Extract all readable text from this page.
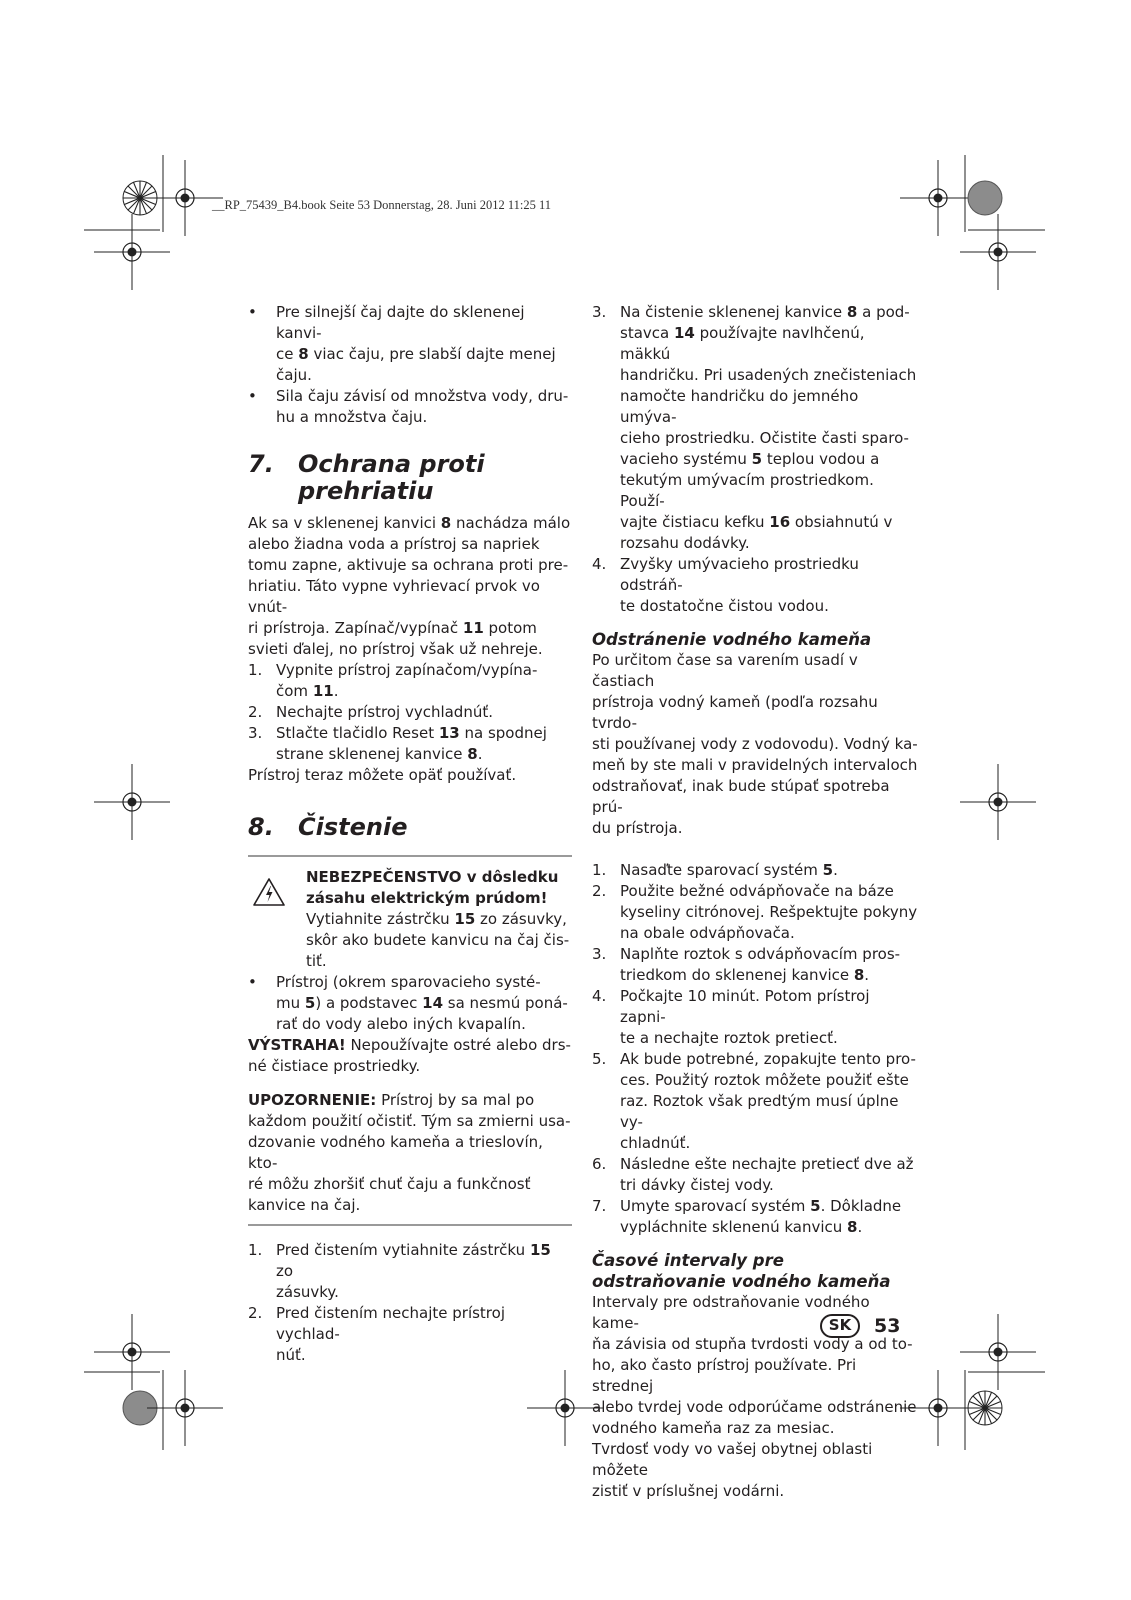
__RP_75439_B4.book Seite 53 Donnerstag, 28. Juni 2012 11:25 11
• Pre silnejší čaj dajte do sklenenej kanvi-
ce 8 viac čaju, pre slabší dajte menej
čaju.
• Sila čaju závisí od množstva vody, dru-
hu a množstva čaju.
7. Ochrana proti
prehriatiu
Ak sa v sklenenej kanvici 8 nachádza málo
alebo žiadna voda a prístroj sa napriek
tomu zapne, aktivuje sa ochrana proti pre-
hriatiu. Táto vypne vyhrievací prvok vo vnút-
ri prístroja. Zapínač/vypínač 11 potom
svieti ďalej, no prístroj však už nehreje.
1. Vypnite prístroj zapínačom/vypína-
čom 11.
2. Nechajte prístroj vychladnúť.
3. Stlačte tlačidlo Reset 13 na spodnej
strane sklenenej kanvice 8.

Prístroj teraz môžete opäť používať.

8. Čistenie
NEBEZPEČENSTVO v dôsledku
zásahu elektrickým prúdom!
Vytiahnite zástrčku 15 zo zásuvky,
skôr ako budete kanvicu na čaj čis-
tiť.
• Prístroj (okrem sparovacieho systé-
mu 5) a podstavec 14 sa nesmú poná-
rať do vody alebo iných kvapalín.
VÝSTRAHA! Nepoužívajte ostré alebo drs-
né čistiace prostriedky.
UPOZORNENIE: Prístroj by sa mal po
každom použití očistiť. Tým sa zmierni usa-
dzovanie vodného kameňa a trieslovín, kto-
ré môžu zhoršiť chuť čaju a funkčnosť
kanvice na čaj.
1. Pred čistením vytiahnite zástrčku 15 zo
zásuvky.
2. Pred čistením nechajte prístroj vychlad-
núť.
3. Na čistenie sklenenej kanvice 8 a pod-
stavca 14 používajte navlhčenú, mäkkú
handričku. Pri usadených znečisteniach
namočte handričku do jemného umýva-
cieho prostriedku. Očistite časti sparo-
vacieho systému 5 teplou vodou a
tekutým umývacím prostriedkom. Použí-
vajte čistiacu kefku 16 obsiahnutú v
rozsahu dodávky.
4. Zvyšky umývacieho prostriedku odstráň-
te dostatočne čistou vodou.
Odstránenie vodného kameňa
Po určitom čase sa varením usadí v častiach
prístroja vodný kameň (podľa rozsahu tvrdo-
sti používanej vody z vodovodu). Vodný ka-
meň by ste mali v pravidelných intervaloch
odstraňovať, inak bude stúpať spotreba prú-
du prístroja.
1. Nasaďte sparovací systém 5.
2. Použite bežné odvápňovače na báze
kyseliny citrónovej. Rešpektujte pokyny
na obale odvápňovača.
3. Naplňte roztok s odvápňovacím pros-
triedkom do sklenenej kanvice 8.
4. Počkajte 10 minút. Potom prístroj zapni-
te a nechajte roztok pretiecť.
5. Ak bude potrebné, zopakujte tento pro-
ces. Použitý roztok môžete použiť ešte
raz. Roztok však predtým musí úplne vy-
chladnúť.
6. Následne ešte nechajte pretiecť dve až
tri dávky čistej vody.
7. Umyte sparovací systém 5. Dôkladne
vypláchnite sklenenú kanvicu 8.
Časové intervaly pre
odstraňovanie vodného kameňa
Intervaly pre odstraňovanie vodného kame-
ňa závisia od stupňa tvrdosti vody a od to-
ho, ako často prístroj používate. Pri strednej
alebo tvrdej vode odporúčame odstránenie
vodného kameňa raz za mesiac.
Tvrdosť vody vo vašej obytnej oblasti môžete
zistiť v príslušnej vodárni.
SK	53
